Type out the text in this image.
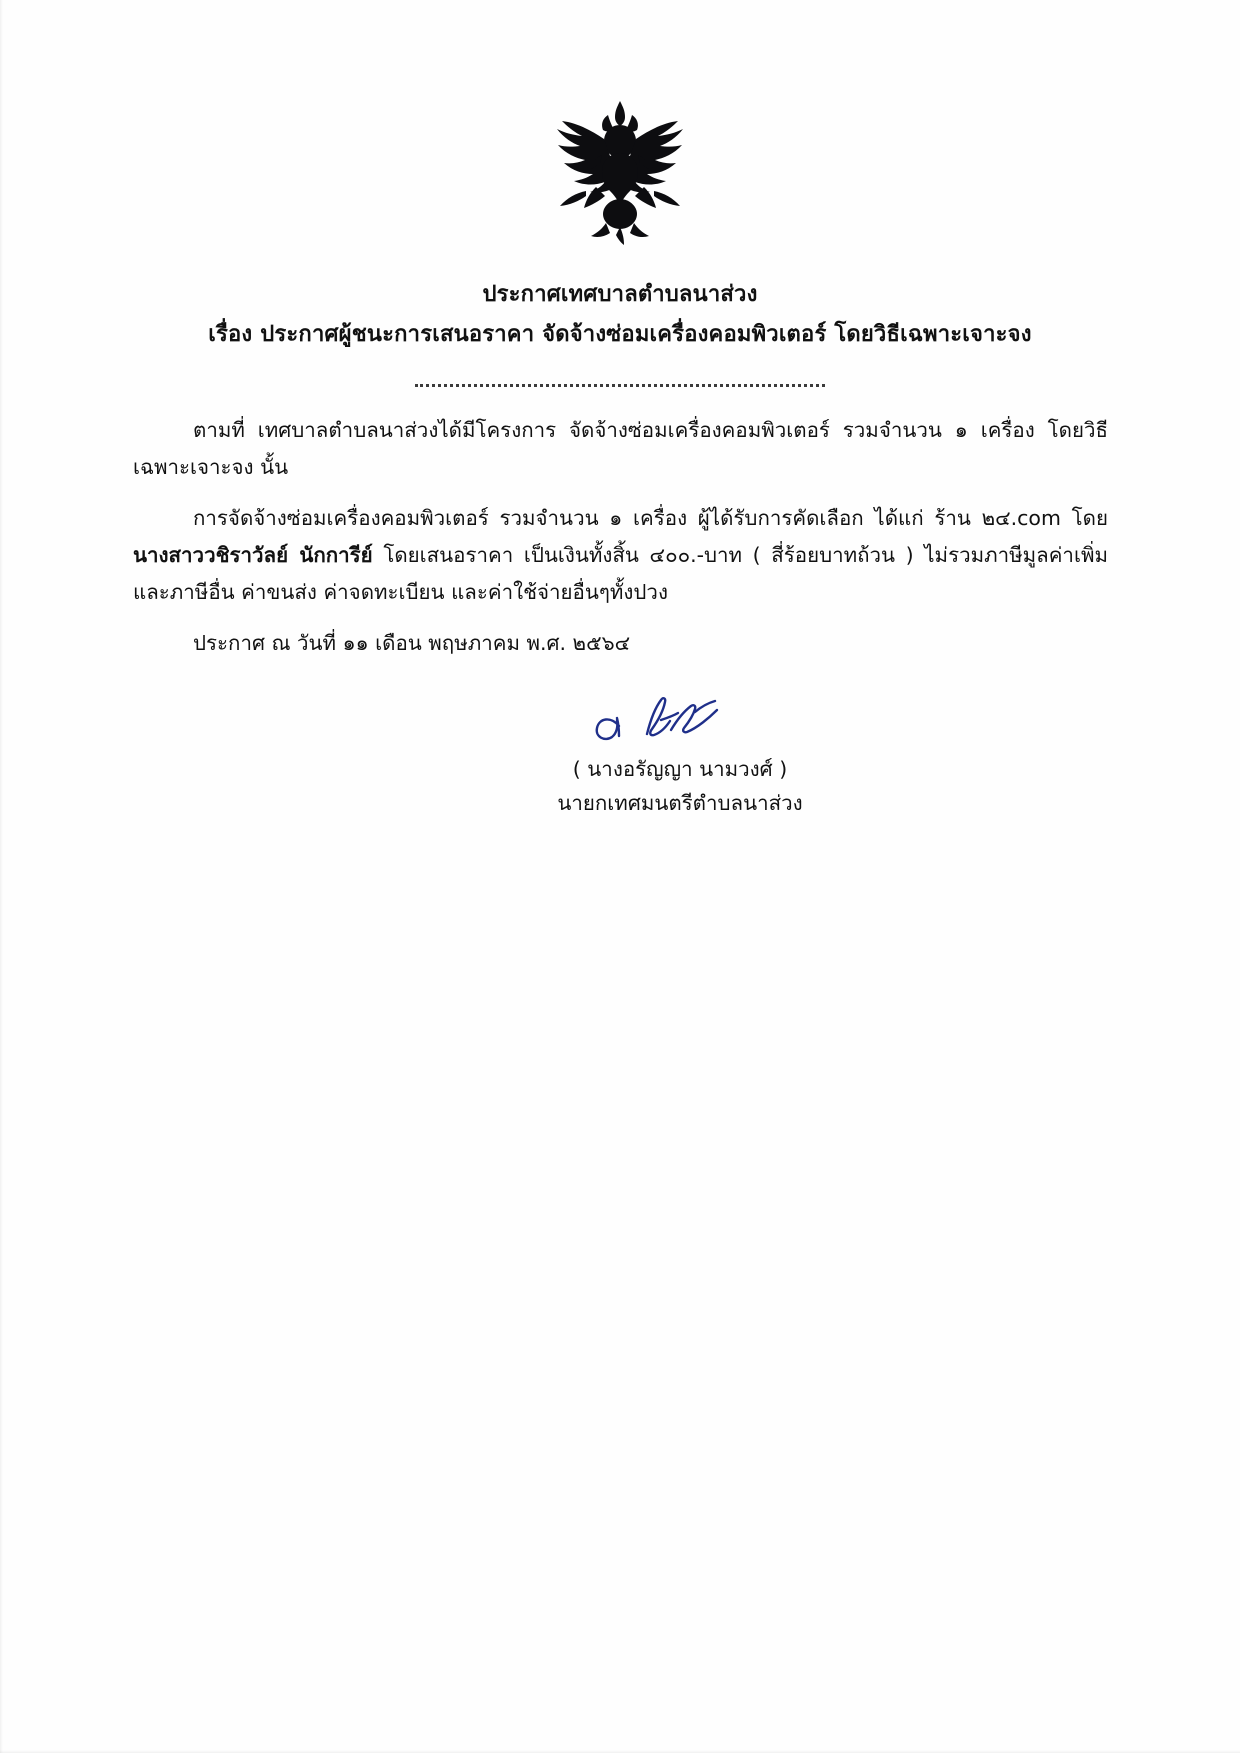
ประกาศเทศบาลตำบลนาส่วง
เรื่อง ประกาศผู้ชนะการเสนอราคา จัดจ้างซ่อมเครื่องคอมพิวเตอร์ โดยวิธีเฉพาะเจาะจง
ตามที่ เทศบาลตำบลนาส่วงได้มีโครงการ จัดจ้างซ่อมเครื่องคอมพิวเตอร์ รวมจำนวน ๑ เครื่อง โดยวิธีเฉพาะเจาะจง นั้น
การจัดจ้างซ่อมเครื่องคอมพิวเตอร์ รวมจำนวน ๑ เครื่อง ผู้ได้รับการคัดเลือก ได้แก่ ร้าน ๒๔.com โดย นางสาววชิราวัลย์ นักการีย์ โดยเสนอราคา เป็นเงินทั้งสิ้น ๔๐๐.-บาท ( สี่ร้อยบาทถ้วน ) ไม่รวมภาษีมูลค่าเพิ่มและภาษีอื่น ค่าขนส่ง ค่าจดทะเบียน และค่าใช้จ่ายอื่นๆทั้งปวง
ประกาศ ณ วันที่ ๑๑ เดือน พฤษภาคม พ.ศ. ๒๕๖๔
( นางอรัญญา นามวงศ์ )
นายกเทศมนตรีตำบลนาส่วง
